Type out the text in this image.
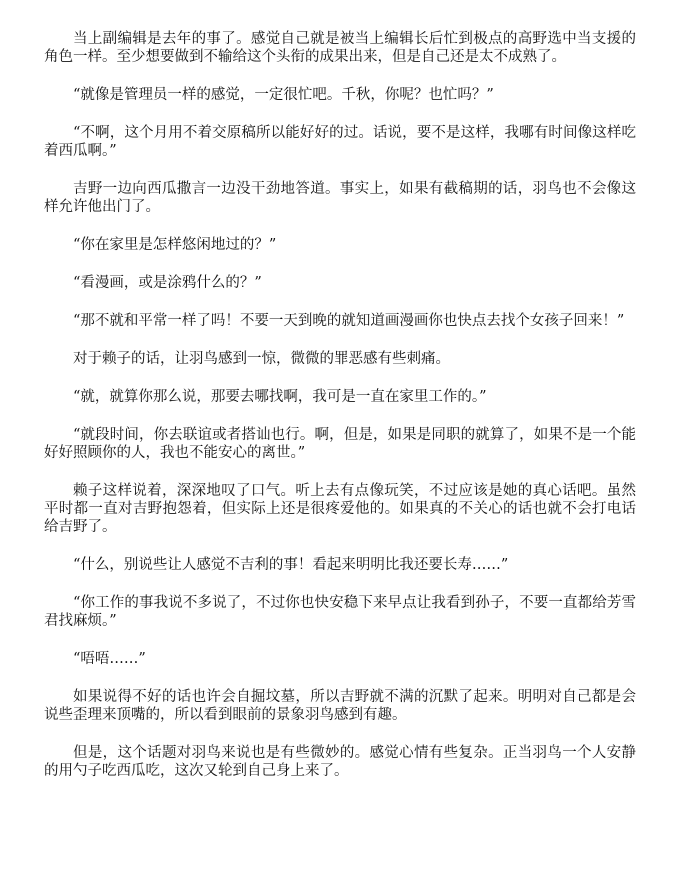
当上副编辑是去年的事了。感觉自己就是被当上编辑长后忙到极点的高野选中当支援的角色一样。至少想要做到不输给这个头衔的成果出来，但是自己还是太不成熟了。

“就像是管理员一样的感觉，一定很忙吧。千秋，你呢？也忙吗？”

“不啊，这个月用不着交原稿所以能好好的过。话说，要不是这样，我哪有时间像这样吃着西瓜啊。”

吉野一边向西瓜撒言一边没干劲地答道。事实上，如果有截稿期的话，羽鸟也不会像这样允许他出门了。

“你在家里是怎样悠闲地过的？”

“看漫画，或是涂鸦什么的？”

“那不就和平常一样了吗！不要一天到晚的就知道画漫画你也快点去找个女孩子回来！”

对于赖子的话，让羽鸟感到一惊，微微的罪恶感有些刺痛。

“就，就算你那么说，那要去哪找啊，我可是一直在家里工作的。”

“就段时间，你去联谊或者搭讪也行。啊，但是，如果是同职的就算了，如果不是一个能好好照顾你的人，我也不能安心的离世。”

赖子这样说着，深深地叹了口气。听上去有点像玩笑，不过应该是她的真心话吧。虽然平时都一直对吉野抱怨着，但实际上还是很疼爱他的。如果真的不关心的话也就不会打电话给吉野了。

“什么，别说些让人感觉不吉利的事！看起来明明比我还要长寿……”

“你工作的事我说不多说了，不过你也快安稳下来早点让我看到孙子，不要一直都给芳雪君找麻烦。”

“唔唔……”

如果说得不好的话也许会自掘坟墓，所以吉野就不满的沉默了起来。明明对自己都是会说些歪理来顶嘴的，所以看到眼前的景象羽鸟感到有趣。

但是，这个话题对羽鸟来说也是有些微妙的。感觉心情有些复杂。正当羽鸟一个人安静的用勺子吃西瓜吃，这次又轮到自己身上来了。
